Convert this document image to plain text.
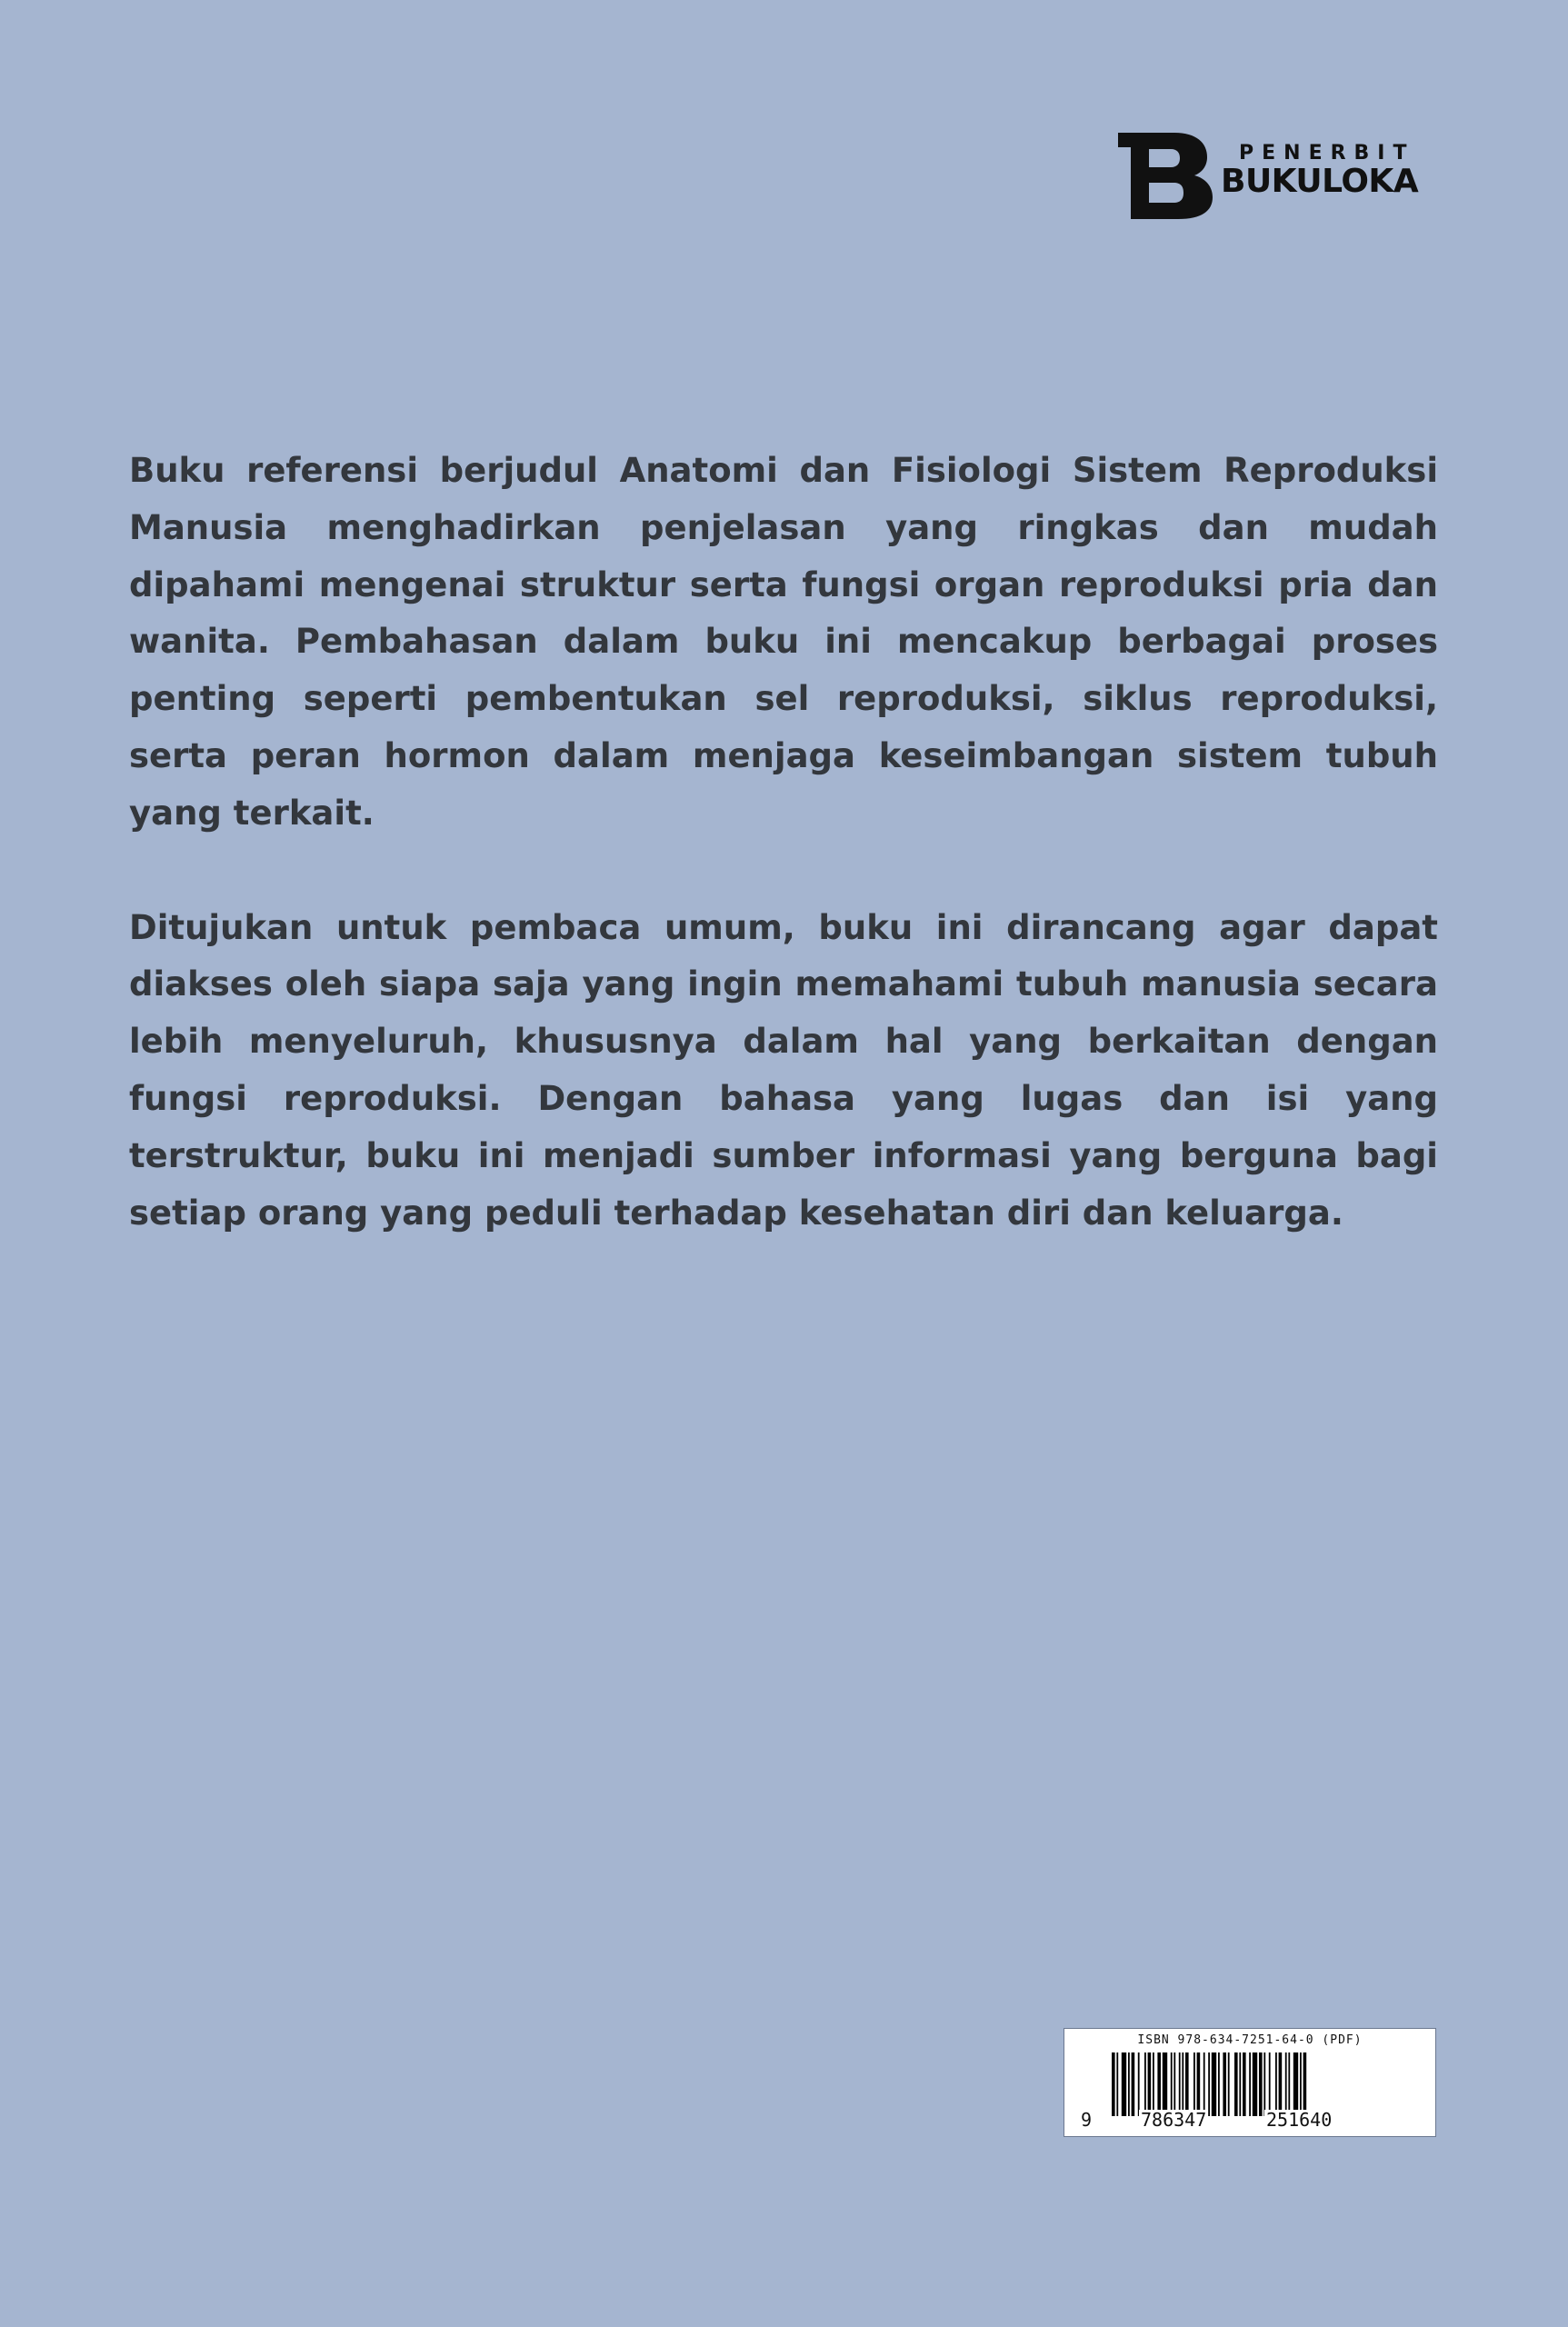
PENERBIT
BUKULOKA

Buku referensi berjudul Anatomi dan Fisiologi Sistem Reproduksi Manusia menghadirkan penjelasan yang ringkas dan mudah dipahami mengenai struktur serta fungsi organ reproduksi pria dan wanita. Pembahasan dalam buku ini mencakup berbagai proses penting seperti pembentukan sel reproduksi, siklus reproduksi, serta peran hormon dalam menjaga keseimbangan sistem tubuh yang terkait.

Ditujukan untuk pembaca umum, buku ini dirancang agar dapat diakses oleh siapa saja yang ingin memahami tubuh manusia secara lebih menyeluruh, khususnya dalam hal yang berkaitan dengan fungsi reproduksi. Dengan bahasa yang lugas dan isi yang terstruktur, buku ini menjadi sumber informasi yang berguna bagi setiap orang yang peduli terhadap kesehatan diri dan keluarga.

ISBN 978-634-7251-64-0 (PDF)
9	786347	251640
